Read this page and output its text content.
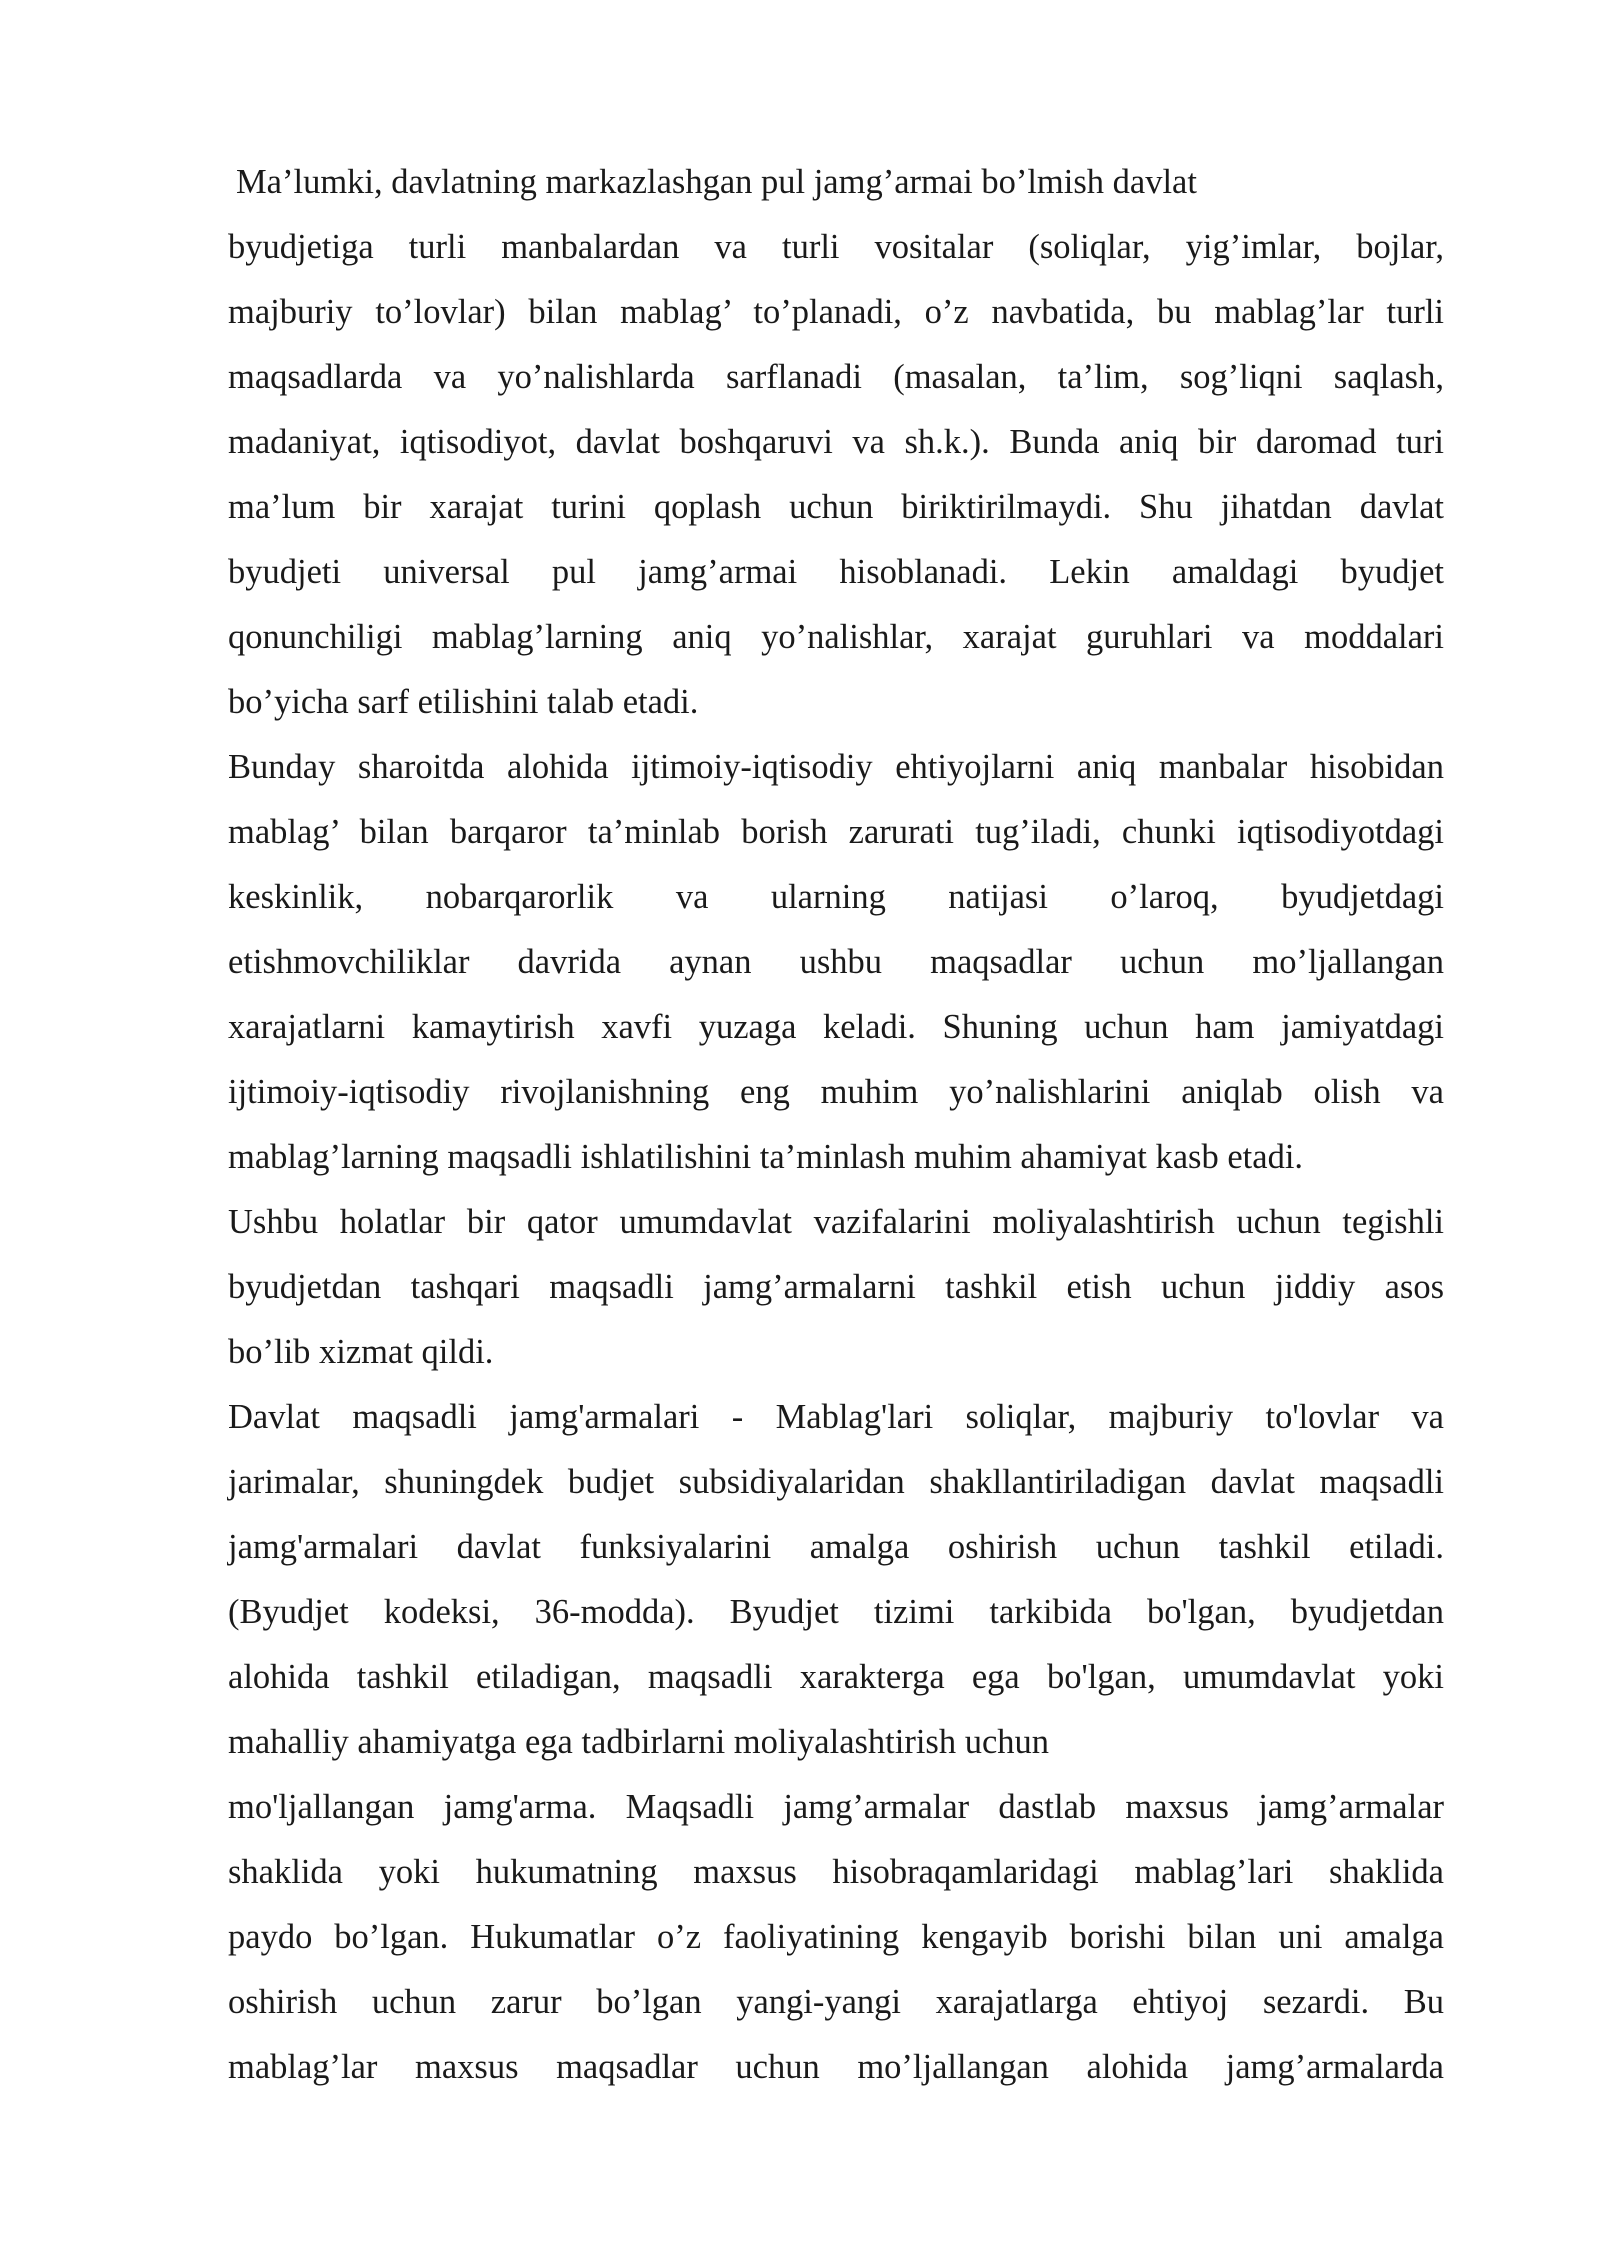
Ma’lumki, davlatning markazlashgan pul jamg’armai bo’lmish davlat
byudjetiga turli manbalardan va turli vositalar (soliqlar, yig’imlar, bojlar,
majburiy to’lovlar) bilan mablag’ to’planadi, o’z navbatida, bu mablag’lar turli
maqsadlarda va yo’nalishlarda sarflanadi (masalan, ta’lim, sog’liqni saqlash,
madaniyat, iqtisodiyot, davlat boshqaruvi va sh.k.). Bunda aniq bir daromad turi
ma’lum bir xarajat turini qoplash uchun biriktirilmaydi. Shu jihatdan davlat
byudjeti universal pul jamg’armai hisoblanadi. Lekin amaldagi byudjet
qonunchiligi mablag’larning aniq yo’nalishlar, xarajat guruhlari va moddalari
bo’yicha sarf etilishini talab etadi.
Bunday sharoitda alohida ijtimoiy-iqtisodiy ehtiyojlarni aniq manbalar hisobidan
mablag’ bilan barqaror ta’minlab borish zarurati tug’iladi, chunki iqtisodiyotdagi
keskinlik, nobarqarorlik va ularning natijasi o’laroq, byudjetdagi
etishmovchiliklar davrida aynan ushbu maqsadlar uchun mo’ljallangan
xarajatlarni kamaytirish xavfi yuzaga keladi. Shuning uchun ham jamiyatdagi
ijtimoiy-iqtisodiy rivojlanishning eng muhim yo’nalishlarini aniqlab olish va
mablag’larning maqsadli ishlatilishini ta’minlash muhim ahamiyat kasb etadi.
Ushbu holatlar bir qator umumdavlat vazifalarini moliyalashtirish uchun tegishli
byudjetdan tashqari maqsadli jamg’armalarni tashkil etish uchun jiddiy asos
bo’lib xizmat qildi.
Davlat maqsadli jamg'armalari - Mablag'lari soliqlar, majburiy to'lovlar va
jarimalar, shuningdek budjet subsidiyalaridan shakllantiriladigan davlat maqsadli
jamg'armalari davlat funksiyalarini amalga oshirish uchun tashkil etiladi.
(Byudjet kodeksi, 36-modda). Byudjet tizimi tarkibida bo'lgan, byudjetdan
alohida tashkil etiladigan, maqsadli xarakterga ega bo'lgan, umumdavlat yoki
mahalliy ahamiyatga ega tadbirlarni moliyalashtirish uchun
mo'ljallangan jamg'arma. Maqsadli jamg’armalar dastlab maxsus jamg’armalar
shaklida yoki hukumatning maxsus hisobraqamlaridagi mablag’lari shaklida
paydo bo’lgan. Hukumatlar o’z faoliyatining kengayib borishi bilan uni amalga
oshirish uchun zarur bo’lgan yangi-yangi xarajatlarga ehtiyoj sezardi. Bu
mablag’lar maxsus maqsadlar uchun mo’ljallangan alohida jamg’armalarda
